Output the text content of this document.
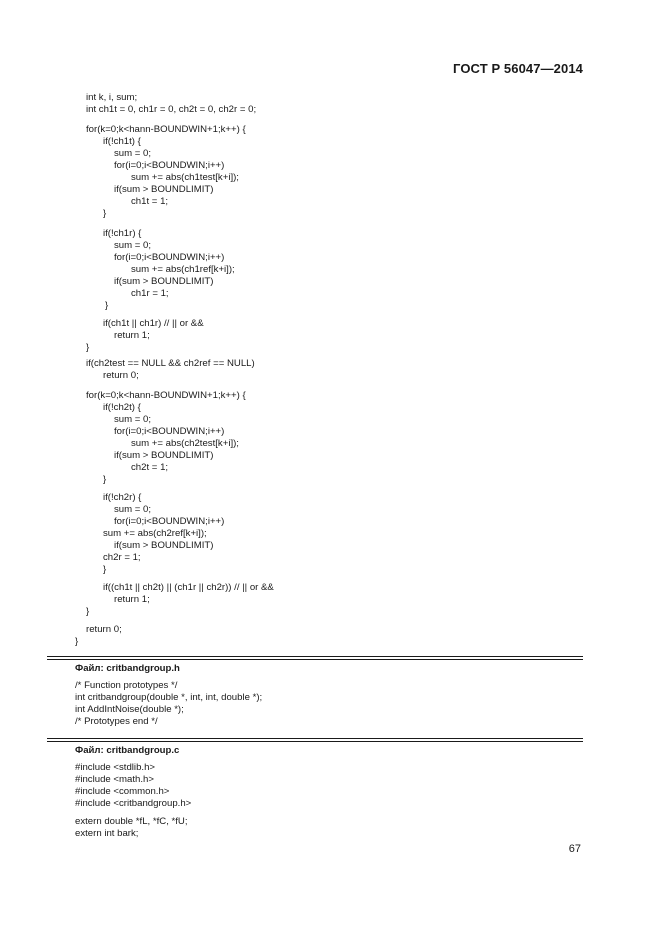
ГОСТ Р 56047—2014
int k, i, sum;
int ch1t = 0, ch1r = 0, ch2t = 0, ch2r = 0;
for(k=0;k<hann-BOUNDWIN+1;k++) {
if(!ch1t) {
sum = 0;
for(i=0;i<BOUNDWIN;i++)
sum += abs(ch1test[k+i]);
if(sum > BOUNDLIMIT)
ch1t = 1;
}
if(!ch1r) {
sum = 0;
for(i=0;i<BOUNDWIN;i++)
sum += abs(ch1ref[k+i]);
if(sum > BOUNDLIMIT)
ch1r = 1;
}
if(ch1t || ch1r) // || or &&
return 1;
}
if(ch2test == NULL && ch2ref == NULL)
return 0;
for(k=0;k<hann-BOUNDWIN+1;k++) {
if(!ch2t) {
sum = 0;
for(i=0;i<BOUNDWIN;i++)
sum += abs(ch2test[k+i]);
if(sum > BOUNDLIMIT)
ch2t = 1;
}
if(!ch2r) {
sum = 0;
for(i=0;i<BOUNDWIN;i++)
sum += abs(ch2ref[k+i]);
if(sum > BOUNDLIMIT)
ch2r = 1;
}
if((ch1t || ch2t) || (ch1r || ch2r)) // || or &&
return 1;
}
return 0;
}
Файл: critbandgroup.h
/* Function prototypes */
int critbandgroup(double *, int, int, double *);
int AddIntNoise(double *);
/* Prototypes end */
Файл: critbandgroup.c
#include <stdlib.h>
#include <math.h>
#include <common.h>
#include <critbandgroup.h>
extern double *fL, *fC, *fU;
extern int bark;
67
